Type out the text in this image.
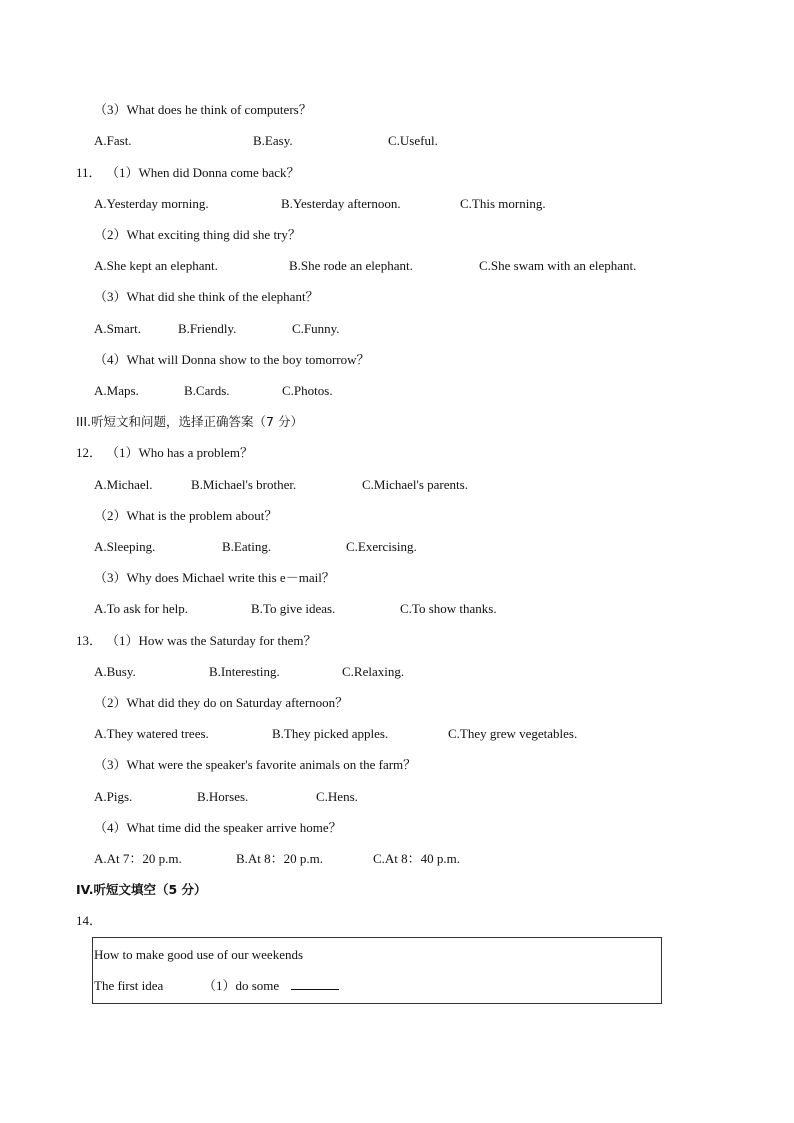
（3）What does he think of computers？
A.Fast.	B.Easy.	C.Useful.
11． （1）When did Donna come back？
A.Yesterday morning.	B.Yesterday afternoon.	C.This morning.
（2）What exciting thing did she try？
A.She kept an elephant.	B.She rode an elephant.	C.She swam with an elephant.
（3）What did she think of the elephant？
A.Smart.	B.Friendly.	C.Funny.
（4）What will Donna show to the boy tomorrow？
A.Maps.	B.Cards.	C.Photos.
III.听短文和问题，选择正确答案（7 分）
12． （1）Who has a problem？
A.Michael.	B.Michael's brother.	C.Michael's parents.
（2）What is the problem about？
A.Sleeping.	B.Eating.	C.Exercising.
（3）Why does Michael write this e－mail？
A.To ask for help.	B.To give ideas.	C.To show thanks.
13． （1）How was the Saturday for them？
A.Busy.	B.Interesting.	C.Relaxing.
（2）What did they do on Saturday afternoon？
A.They watered trees.	B.They picked apples.	C.They grew vegetables.
（3）What were the speaker's favorite animals on the farm？
A.Pigs.	B.Horses.	C.Hens.
（4）What time did the speaker arrive home？
A.At 7：20 p.m.	B.At 8：20 p.m.	C.At 8：40 p.m.
IV.听短文填空（5 分）
14．
How to make good use of our weekends
The first idea	（1）do some
